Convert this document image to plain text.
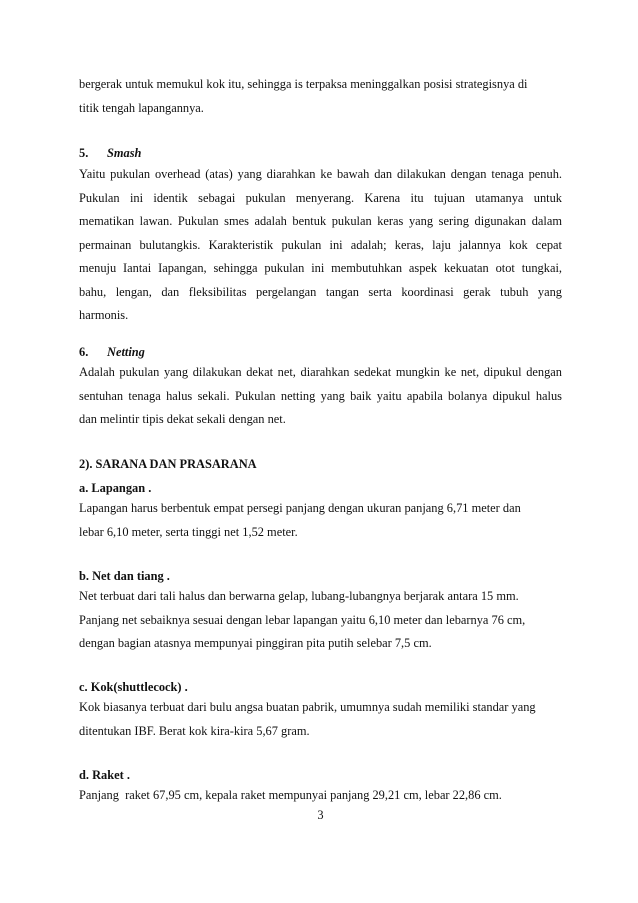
bergerak untuk memukul kok itu, sehingga is terpaksa meninggalkan posisi strategisnya di
titik tengah lapangannya.
5. Smash
Yaitu pukulan overhead (atas) yang diarahkan ke bawah dan dilakukan dengan tenaga penuh.
Pukulan ini identik sebagai pukulan menyerang. Karena itu tujuan utamanya untuk
mematikan lawan. Pukulan smes adalah bentuk pukulan keras yang sering digunakan dalam
permainan bulutangkis. Karakteristik pukulan ini adalah; keras, laju jalannya kok cepat
menuju Iantai Iapangan, sehingga pukulan ini membutuhkan aspek kekuatan otot tungkai,
bahu, lengan, dan fleksibilitas pergelangan tangan serta koordinasi gerak tubuh yang
harmonis.
6. Netting
Adalah pukulan yang dilakukan dekat net, diarahkan sedekat mungkin ke net, dipukul dengan
sentuhan tenaga halus sekali. Pukulan netting yang baik yaitu apabila bolanya dipukul halus
dan melintir tipis dekat sekali dengan net.
2). SARANA DAN PRASARANA
a. Lapangan .
Lapangan harus berbentuk empat persegi panjang dengan ukuran panjang 6,71 meter dan
lebar 6,10 meter, serta tinggi net 1,52 meter.
b. Net dan tiang .
Net terbuat dari tali halus dan berwarna gelap, lubang-lubangnya berjarak antara 15 mm.
Panjang net sebaiknya sesuai dengan lebar lapangan yaitu 6,10 meter dan lebarnya 76 cm,
dengan bagian atasnya mempunyai pinggiran pita putih selebar 7,5 cm.
c. Kok(shuttlecock) .
Kok biasanya terbuat dari bulu angsa buatan pabrik, umumnya sudah memiliki standar yang
ditentukan IBF. Berat kok kira-kira 5,67 gram.
d. Raket .
Panjang  raket 67,95 cm, kepala raket mempunyai panjang 29,21 cm, lebar 22,86 cm.
3
